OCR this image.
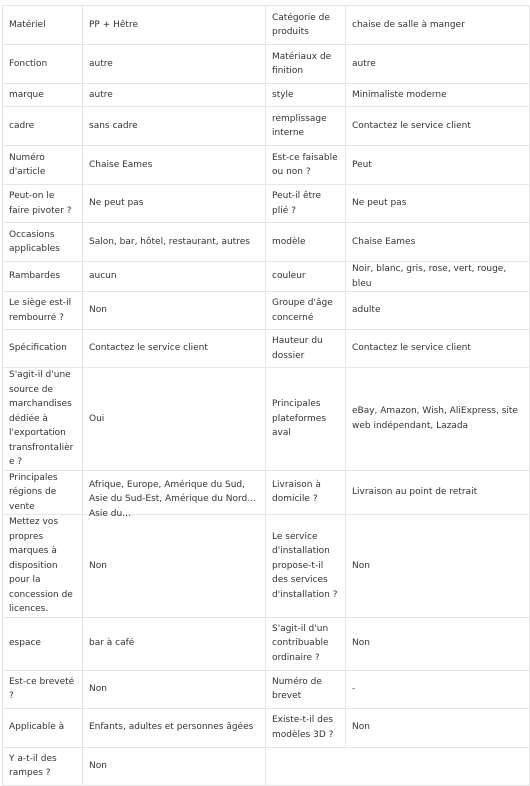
Matériel	PP + Hêtre	Catégorie de produits	chaise de salle à manger
Fonction	autre	Matériaux de finition	autre
marque	autre	style	Minimaliste moderne
cadre	sans cadre	remplissage interne	Contactez le service client
Numéro d'article	Chaise Eames	Est-ce faisable ou non ?	Peut
Peut-on le faire pivoter ?	Ne peut pas	Peut-il être plié ?	Ne peut pas
Occasions applicables	Salon, bar, hôtel, restaurant, autres	modèle	Chaise Eames
Rambardes	aucun	couleur	Noir, blanc, gris, rose, vert, rouge, bleu
Le siège est-il rembourré ?	Non	Groupe d'âge concerné	adulte
Spécification	Contactez le service client	Hauteur du dossier	Contactez le service client
S'agit-il d'une source de marchandises dédiée à l'exportation transfrontalière ?	Oui	Principales plateformes aval	eBay, Amazon, Wish, AliExpress, site web indépendant, Lazada
Principales régions de vente	Afrique, Europe, Amérique du Sud, Asie du Sud-Est, Amérique du Nord, Asie du…	Livraison à domicile ?	Livraison au point de retrait
Mettez vos propres marques à disposition pour la concession de licences.	Non	Le service d'installation propose-t-il des services d'installation ?	Non
espace	bar à café	S'agit-il d'un contribuable ordinaire ?	Non
Est-ce breveté ?	Non	Numéro de brevet	-
Applicable à	Enfants, adultes et personnes âgées	Existe-t-il des modèles 3D ?	Non
Y a-t-il des rampes ?	Non		
